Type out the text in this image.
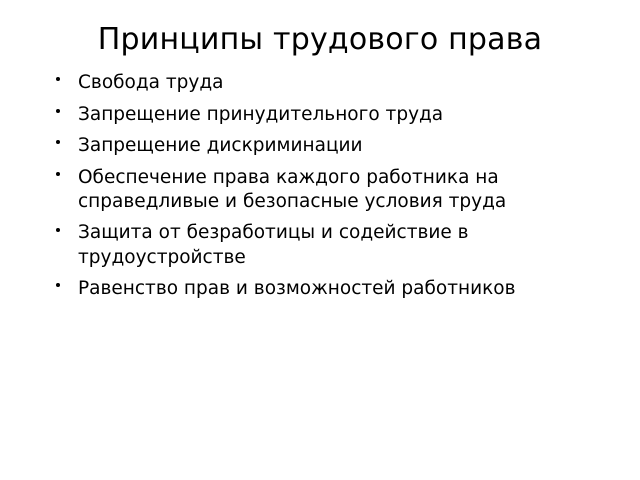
Принципы трудового права
Свобода труда
Запрещение принудительного труда
Запрещение дискриминации
Обеспечение права каждого работника на справедливые и безопасные условия труда
Защита от безработицы и содействие в трудоустройстве
Равенство прав и возможностей работников
